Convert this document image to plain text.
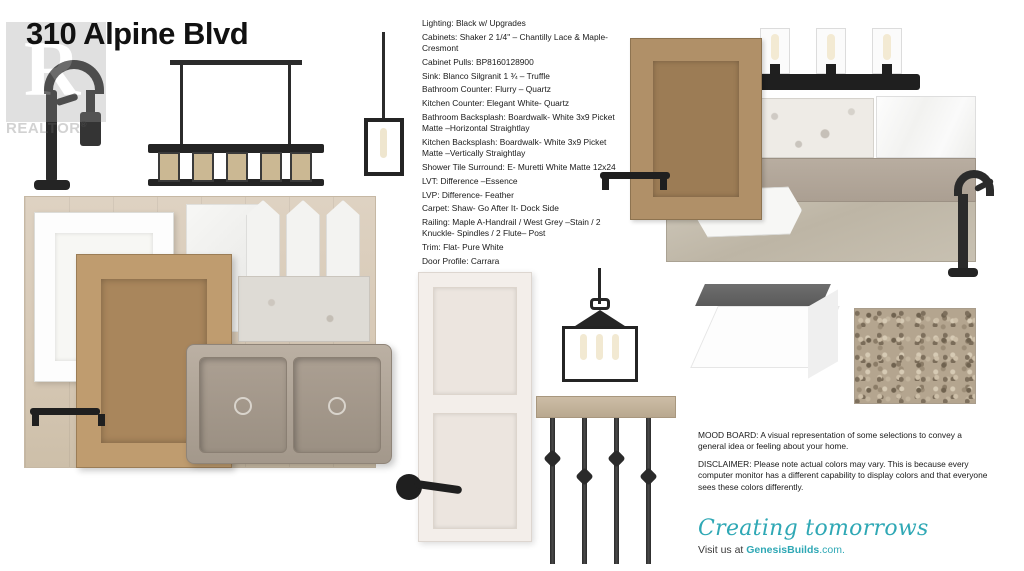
310 Alpine Blvd
R
REALTOR®
Lighting: Black w/ Upgrades
Cabinets: Shaker 2 1/4" – Chantilly Lace & Maple-Cresmont
Cabinet Pulls: BP8160128900
Sink: Blanco Silgranit 1 ¾ – Truffle
Bathroom Counter: Flurry – Quartz
Kitchen Counter: Elegant White- Quartz
Bathroom Backsplash: Boardwalk- White 3x9 Picket Matte –Horizontal Straightlay
Kitchen Backsplash: Boardwalk- White 3x9 Picket Matte –Vertically Straightlay
Shower Tile Surround: E- Muretti White Matte 12x24
LVT: Difference –Essence
LVP: Difference- Feather
Carpet: Shaw- Go After It- Dock Side
Railing: Maple A-Handrail / West Grey –Stain / 2 Knuckle- Spindles / 2 Flute– Post
Trim: Flat- Pure White
Door Profile: Carrara

MOOD BOARD: A visual representation of some selections to convey a general idea or feeling about your home.

DISCLAIMER: Please note actual colors may vary. This is because every computer monitor has a different capability to display colors and that everyone sees these colors differently.

Creating tomorrows
Visit us at GenesisBuilds.com.
